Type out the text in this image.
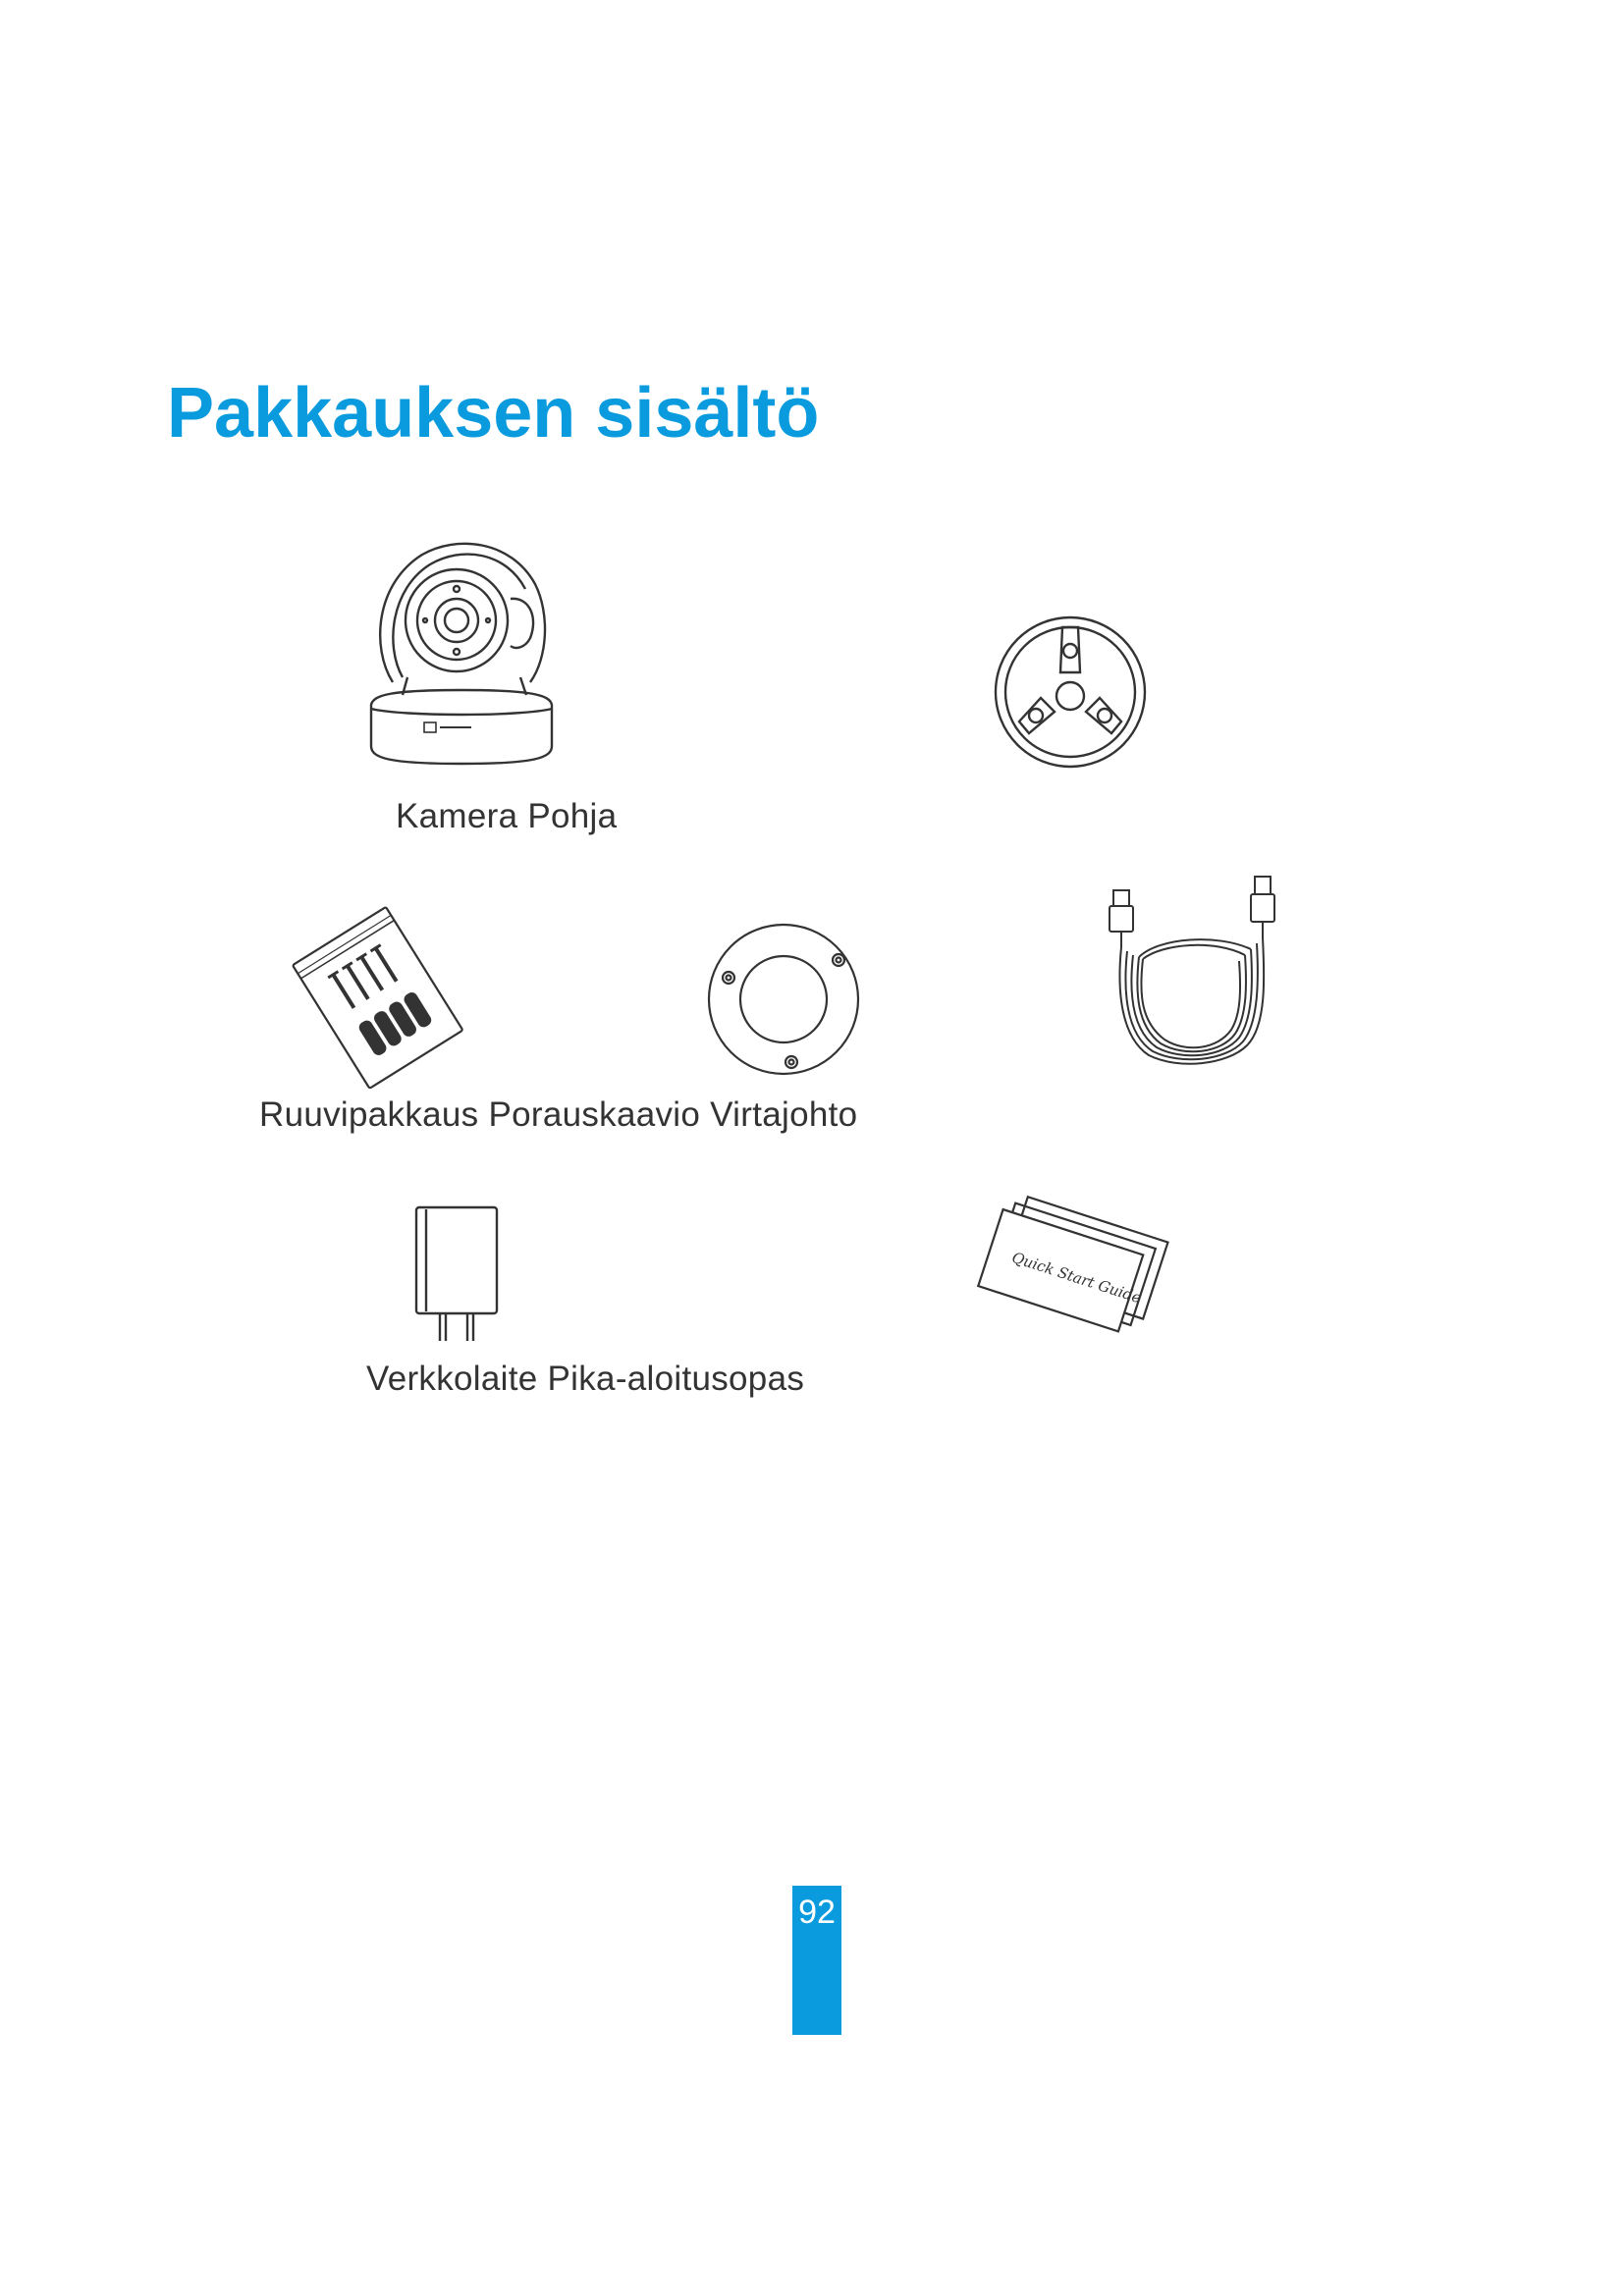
Pakkauksen sisältö
Kamera Pohja
Ruuvipakkaus Porauskaavio Virtajohto
Quick Start Guide
Verkkolaite Pika-aloitusopas
92
